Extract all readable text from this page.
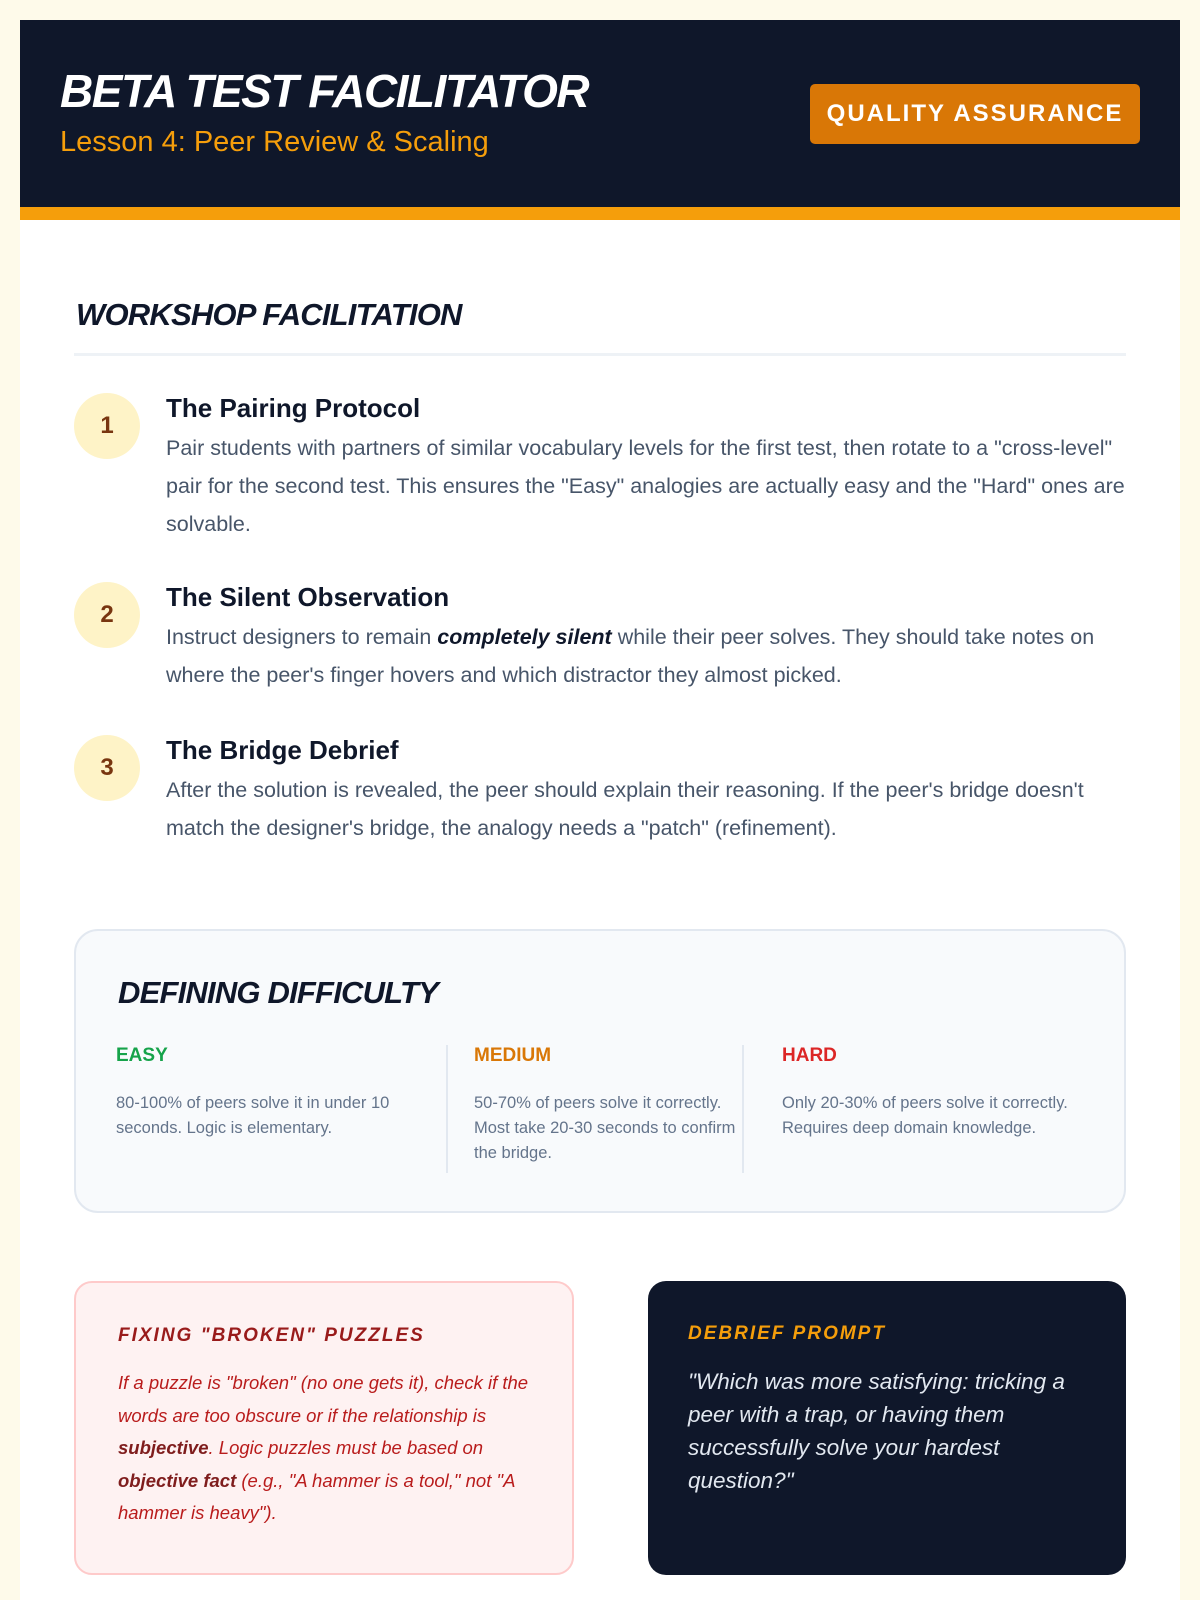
BETA TEST FACILITATOR
Lesson 4: Peer Review & Scaling
QUALITY ASSURANCE
WORKSHOP FACILITATION
1
The Pairing Protocol
Pair students with partners of similar vocabulary levels for the first test, then rotate to a "cross-level" pair for the second test. This ensures the "Easy" analogies are actually easy and the "Hard" ones are solvable.
2
The Silent Observation
Instruct designers to remain completely silent while their peer solves. They should take notes on where the peer's finger hovers and which distractor they almost picked.
3
The Bridge Debrief
After the solution is revealed, the peer should explain their reasoning. If the peer's bridge doesn't match the designer's bridge, the analogy needs a "patch" (refinement).
DEFINING DIFFICULTY
EASY
80-100% of peers solve it in under 10 seconds. Logic is elementary.
MEDIUM
50-70% of peers solve it correctly. Most take 20-30 seconds to confirm the bridge.
HARD
Only 20-30% of peers solve it correctly. Requires deep domain knowledge.
FIXING "BROKEN" PUZZLES
If a puzzle is "broken" (no one gets it), check if the words are too obscure or if the relationship is subjective. Logic puzzles must be based on objective fact (e.g., "A hammer is a tool," not "A hammer is heavy").
DEBRIEF PROMPT
"Which was more satisfying: tricking a peer with a trap, or having them successfully solve your hardest question?"
